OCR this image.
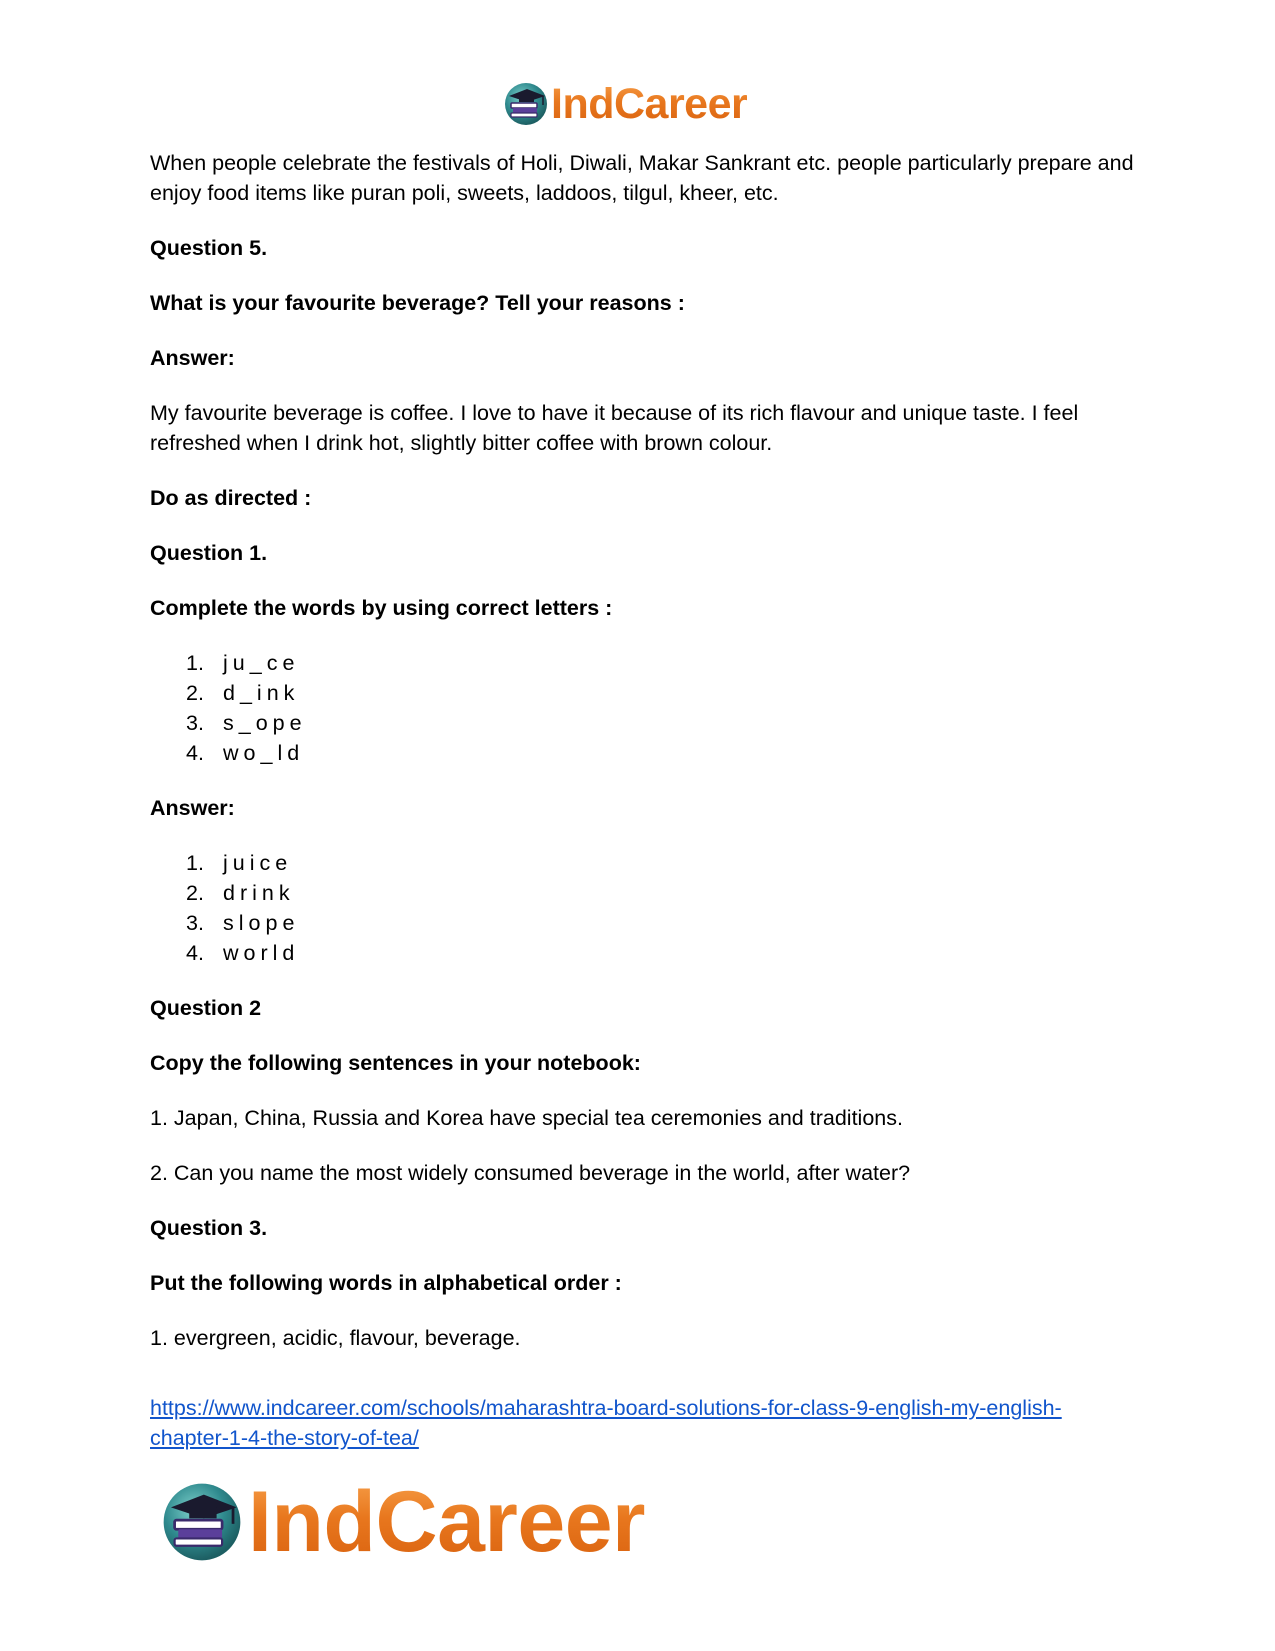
IndCareer

When people celebrate the festivals of Holi, Diwali, Makar Sankrant etc. people particularly prepare and enjoy food items like puran poli, sweets, laddoos, tilgul, kheer, etc.

Question 5.

What is your favourite beverage? Tell your reasons :

Answer:

My favourite beverage is coffee. I love to have it because of its rich flavour and unique taste. I feel refreshed when I drink hot, slightly bitter coffee with brown colour.

Do as directed :

Question 1.

Complete the words by using correct letters :

1. ju_ce
2. d_ink
3. s_ope
4. wo_ld

Answer:

1. juice
2. drink
3. slope
4. world

Question 2

Copy the following sentences in your notebook:

1. Japan, China, Russia and Korea have special tea ceremonies and traditions.

2. Can you name the most widely consumed beverage in the world, after water?

Question 3.

Put the following words in alphabetical order :

1. evergreen, acidic, flavour, beverage.

https://www.indcareer.com/schools/maharashtra-board-solutions-for-class-9-english-my-english-chapter-1-4-the-story-of-tea/
IndCareer
